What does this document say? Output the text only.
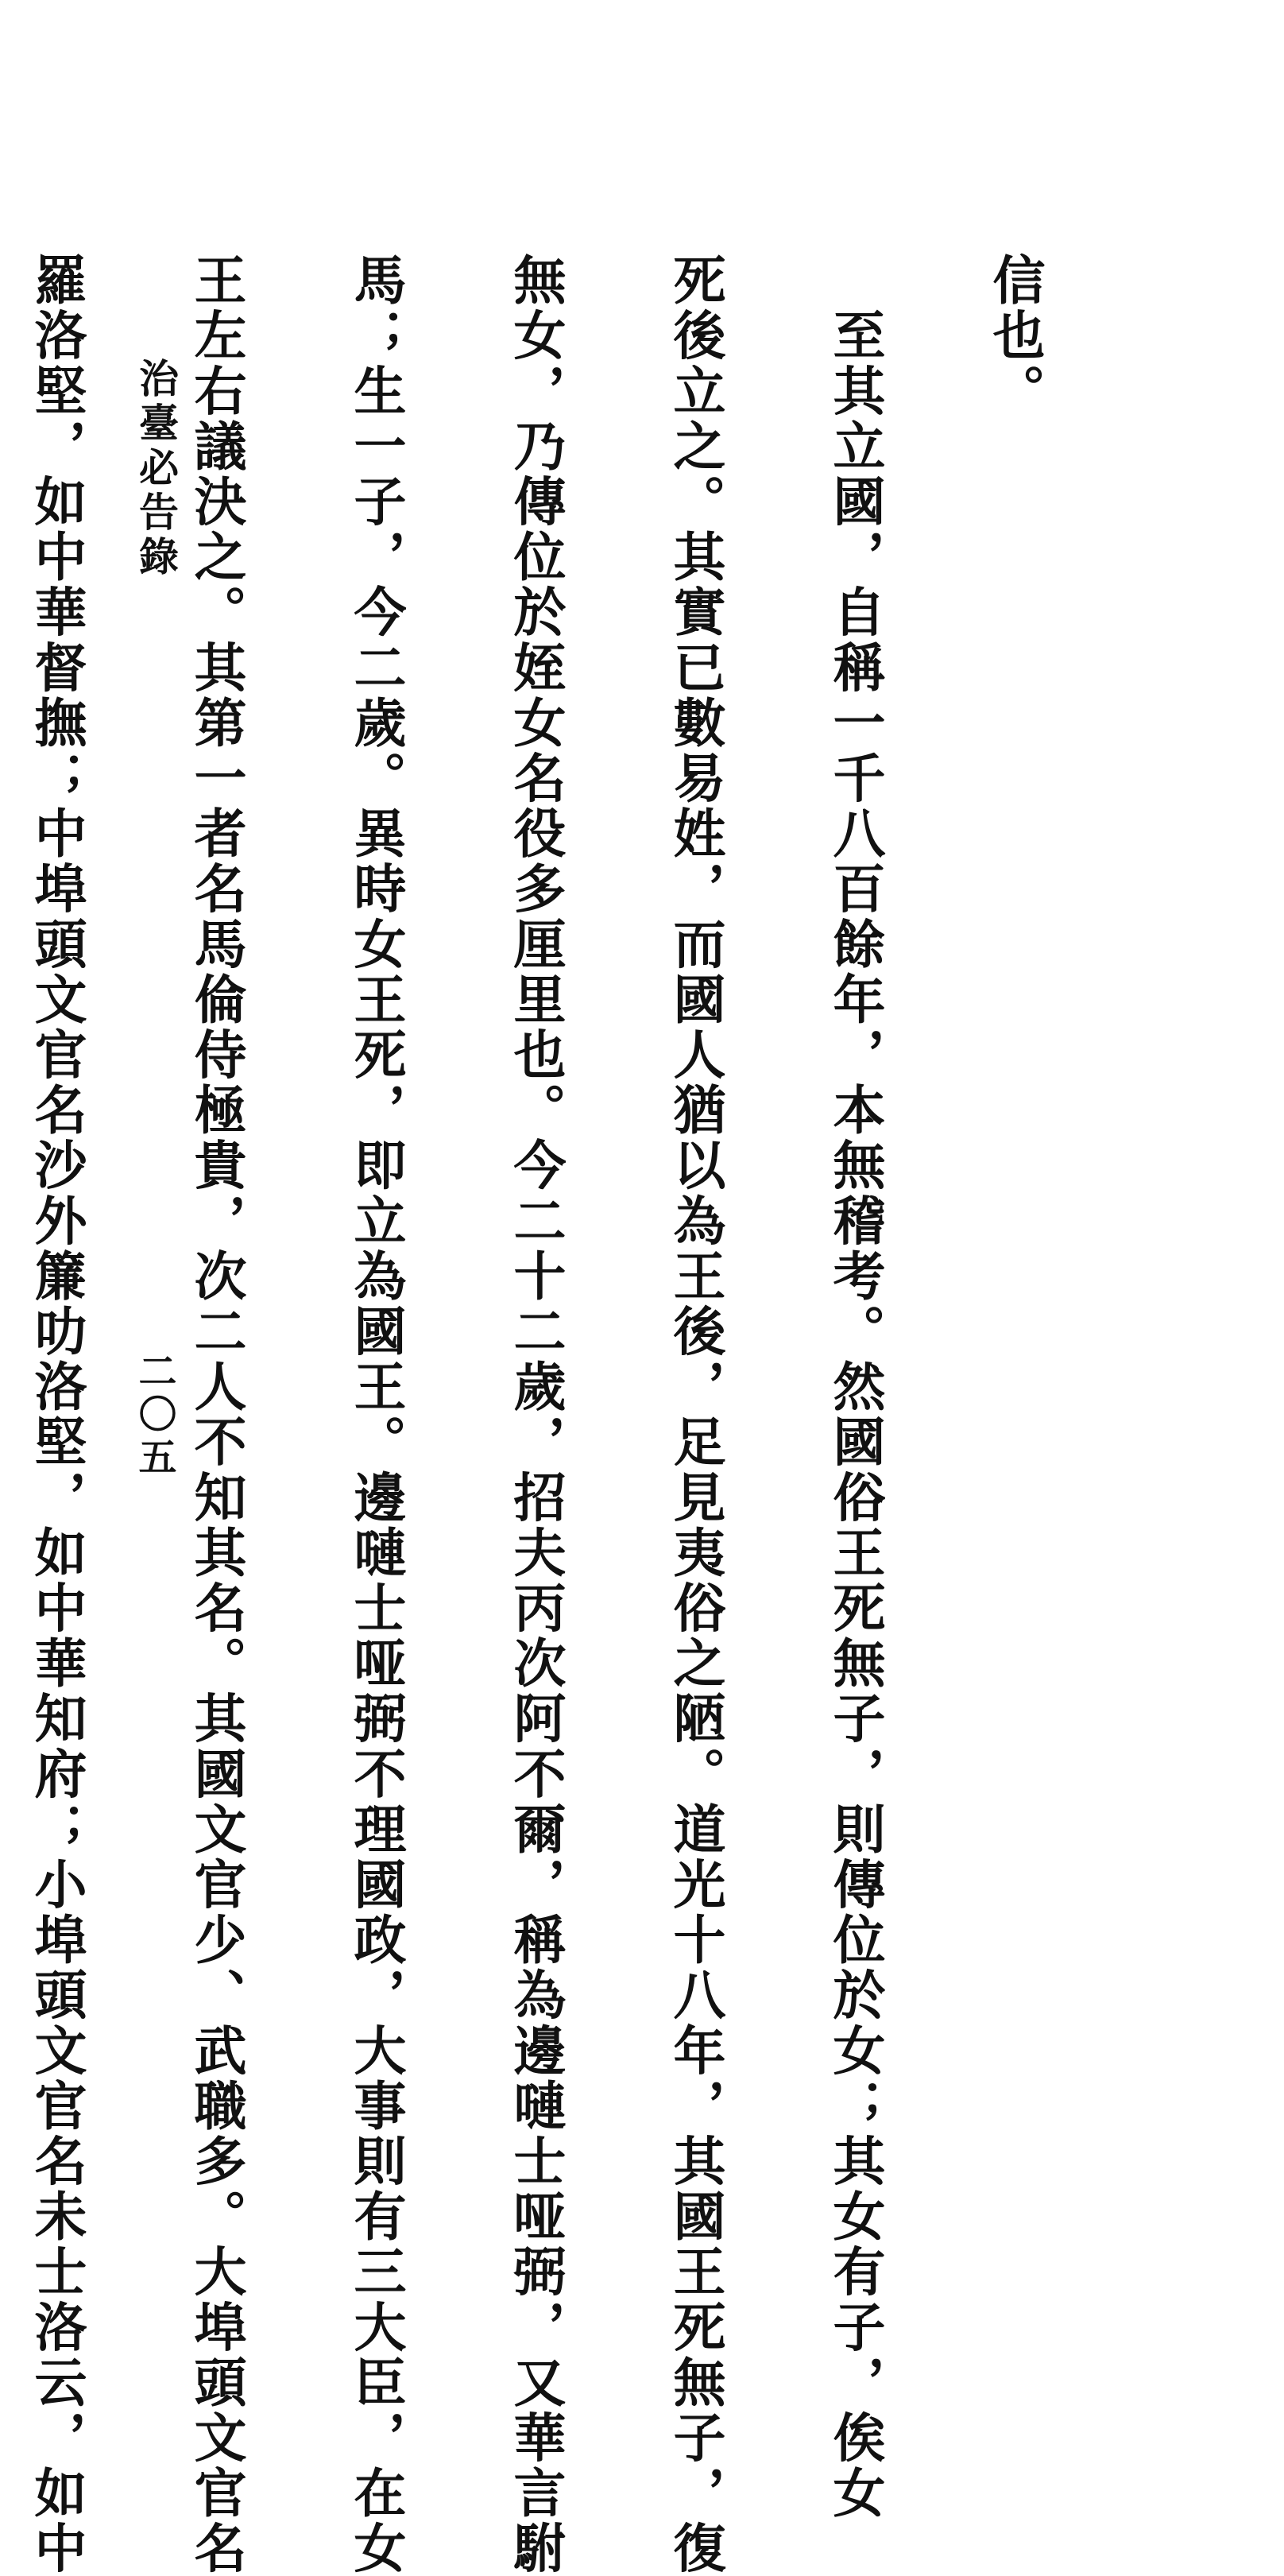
信也。

　至其立國，自稱一千八百餘年，本無稽考。然國俗王死無子，則傳位於女；其女有子，俟女

死後立之。其實已數易姓，而國人猶以為王後，足見夷俗之陋。道光十八年，其國王死無子，復

無女，乃傳位於姪女名役多厘里也。今二十二歲，招夫丙次阿不爾，稱為邊嗹士哑弼，又華言駙

馬；生一子，今二歲。異時女王死，即立為國王。邊嗹士哑弼不理國政，大事則有三大臣，在女

王左右議決之。其第一者名馬倫侍極貴，次二人不知其名。其國文官少、武職多。大埠頭文官名

羅洛堅，如中華督撫；中埠頭文官名沙外簾叻洛堅，如中華知府；小埠頭文官名未士洛云，如中

治臺必告錄
二〇五
